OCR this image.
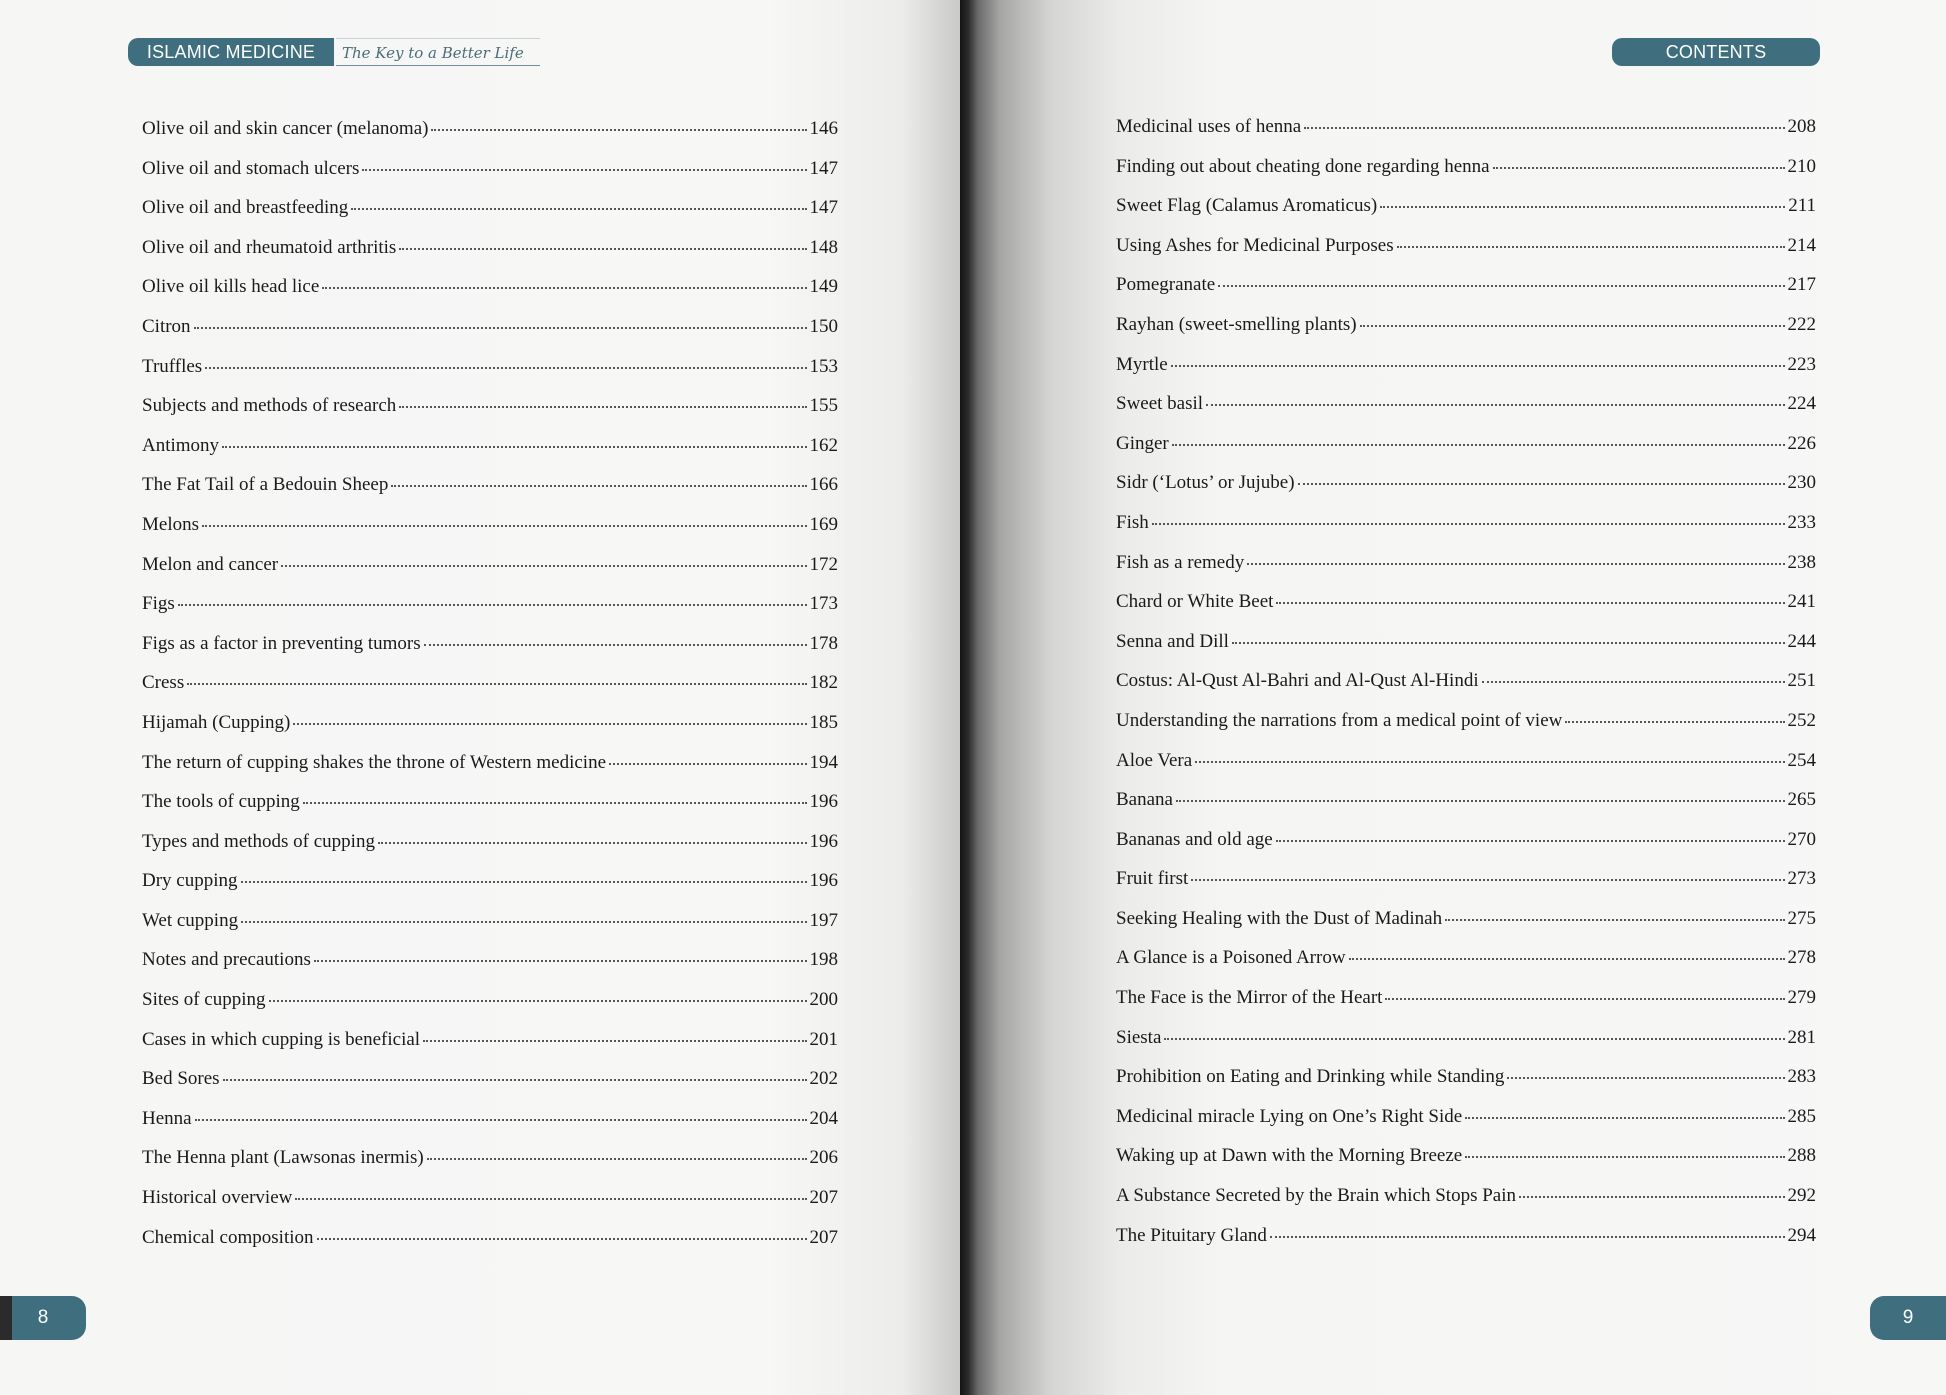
ISLAMIC MEDICINE	The Key to a Better Life
Olive oil and skin cancer (melanoma)	146
Olive oil and stomach ulcers	147
Olive oil and breastfeeding	147
Olive oil and rheumatoid arthritis	148
Olive oil kills head lice	149
Citron	150
Truffles	153
Subjects and methods of research	155
Antimony	162
The Fat Tail of a Bedouin Sheep	166
Melons	169
Melon and cancer	172
Figs	173
Figs as a factor in preventing tumors	178
Cress	182
Hijamah (Cupping)	185
The return of cupping shakes the throne of Western medicine	194
The tools of cupping	196
Types and methods of cupping	196
Dry cupping	196
Wet cupping	197
Notes and precautions	198
Sites of cupping	200
Cases in which cupping is beneficial	201
Bed Sores	202
Henna	204
The Henna plant (Lawsonas inermis)	206
Historical overview	207
Chemical composition	207
8
CONTENTS
Medicinal uses of henna	208
Finding out about cheating done regarding henna	210
Sweet Flag (Calamus Aromaticus)	211
Using Ashes for Medicinal Purposes	214
Pomegranate	217
Rayhan (sweet-smelling plants)	222
Myrtle	223
Sweet basil	224
Ginger	226
Sidr (‘Lotus’ or Jujube)	230
Fish	233
Fish as a remedy	238
Chard or White Beet	241
Senna and Dill	244
Costus: Al-Qust Al-Bahri and Al-Qust Al-Hindi	251
Understanding the narrations from a medical point of view	252
Aloe Vera	254
Banana	265
Bananas and old age	270
Fruit first	273
Seeking Healing with the Dust of Madinah	275
A Glance is a Poisoned Arrow	278
The Face is the Mirror of the Heart	279
Siesta	281
Prohibition on Eating and Drinking while Standing	283
Medicinal miracle Lying on One’s Right Side	285
Waking up at Dawn with the Morning Breeze	288
A Substance Secreted by the Brain which Stops Pain	292
The Pituitary Gland	294
9
